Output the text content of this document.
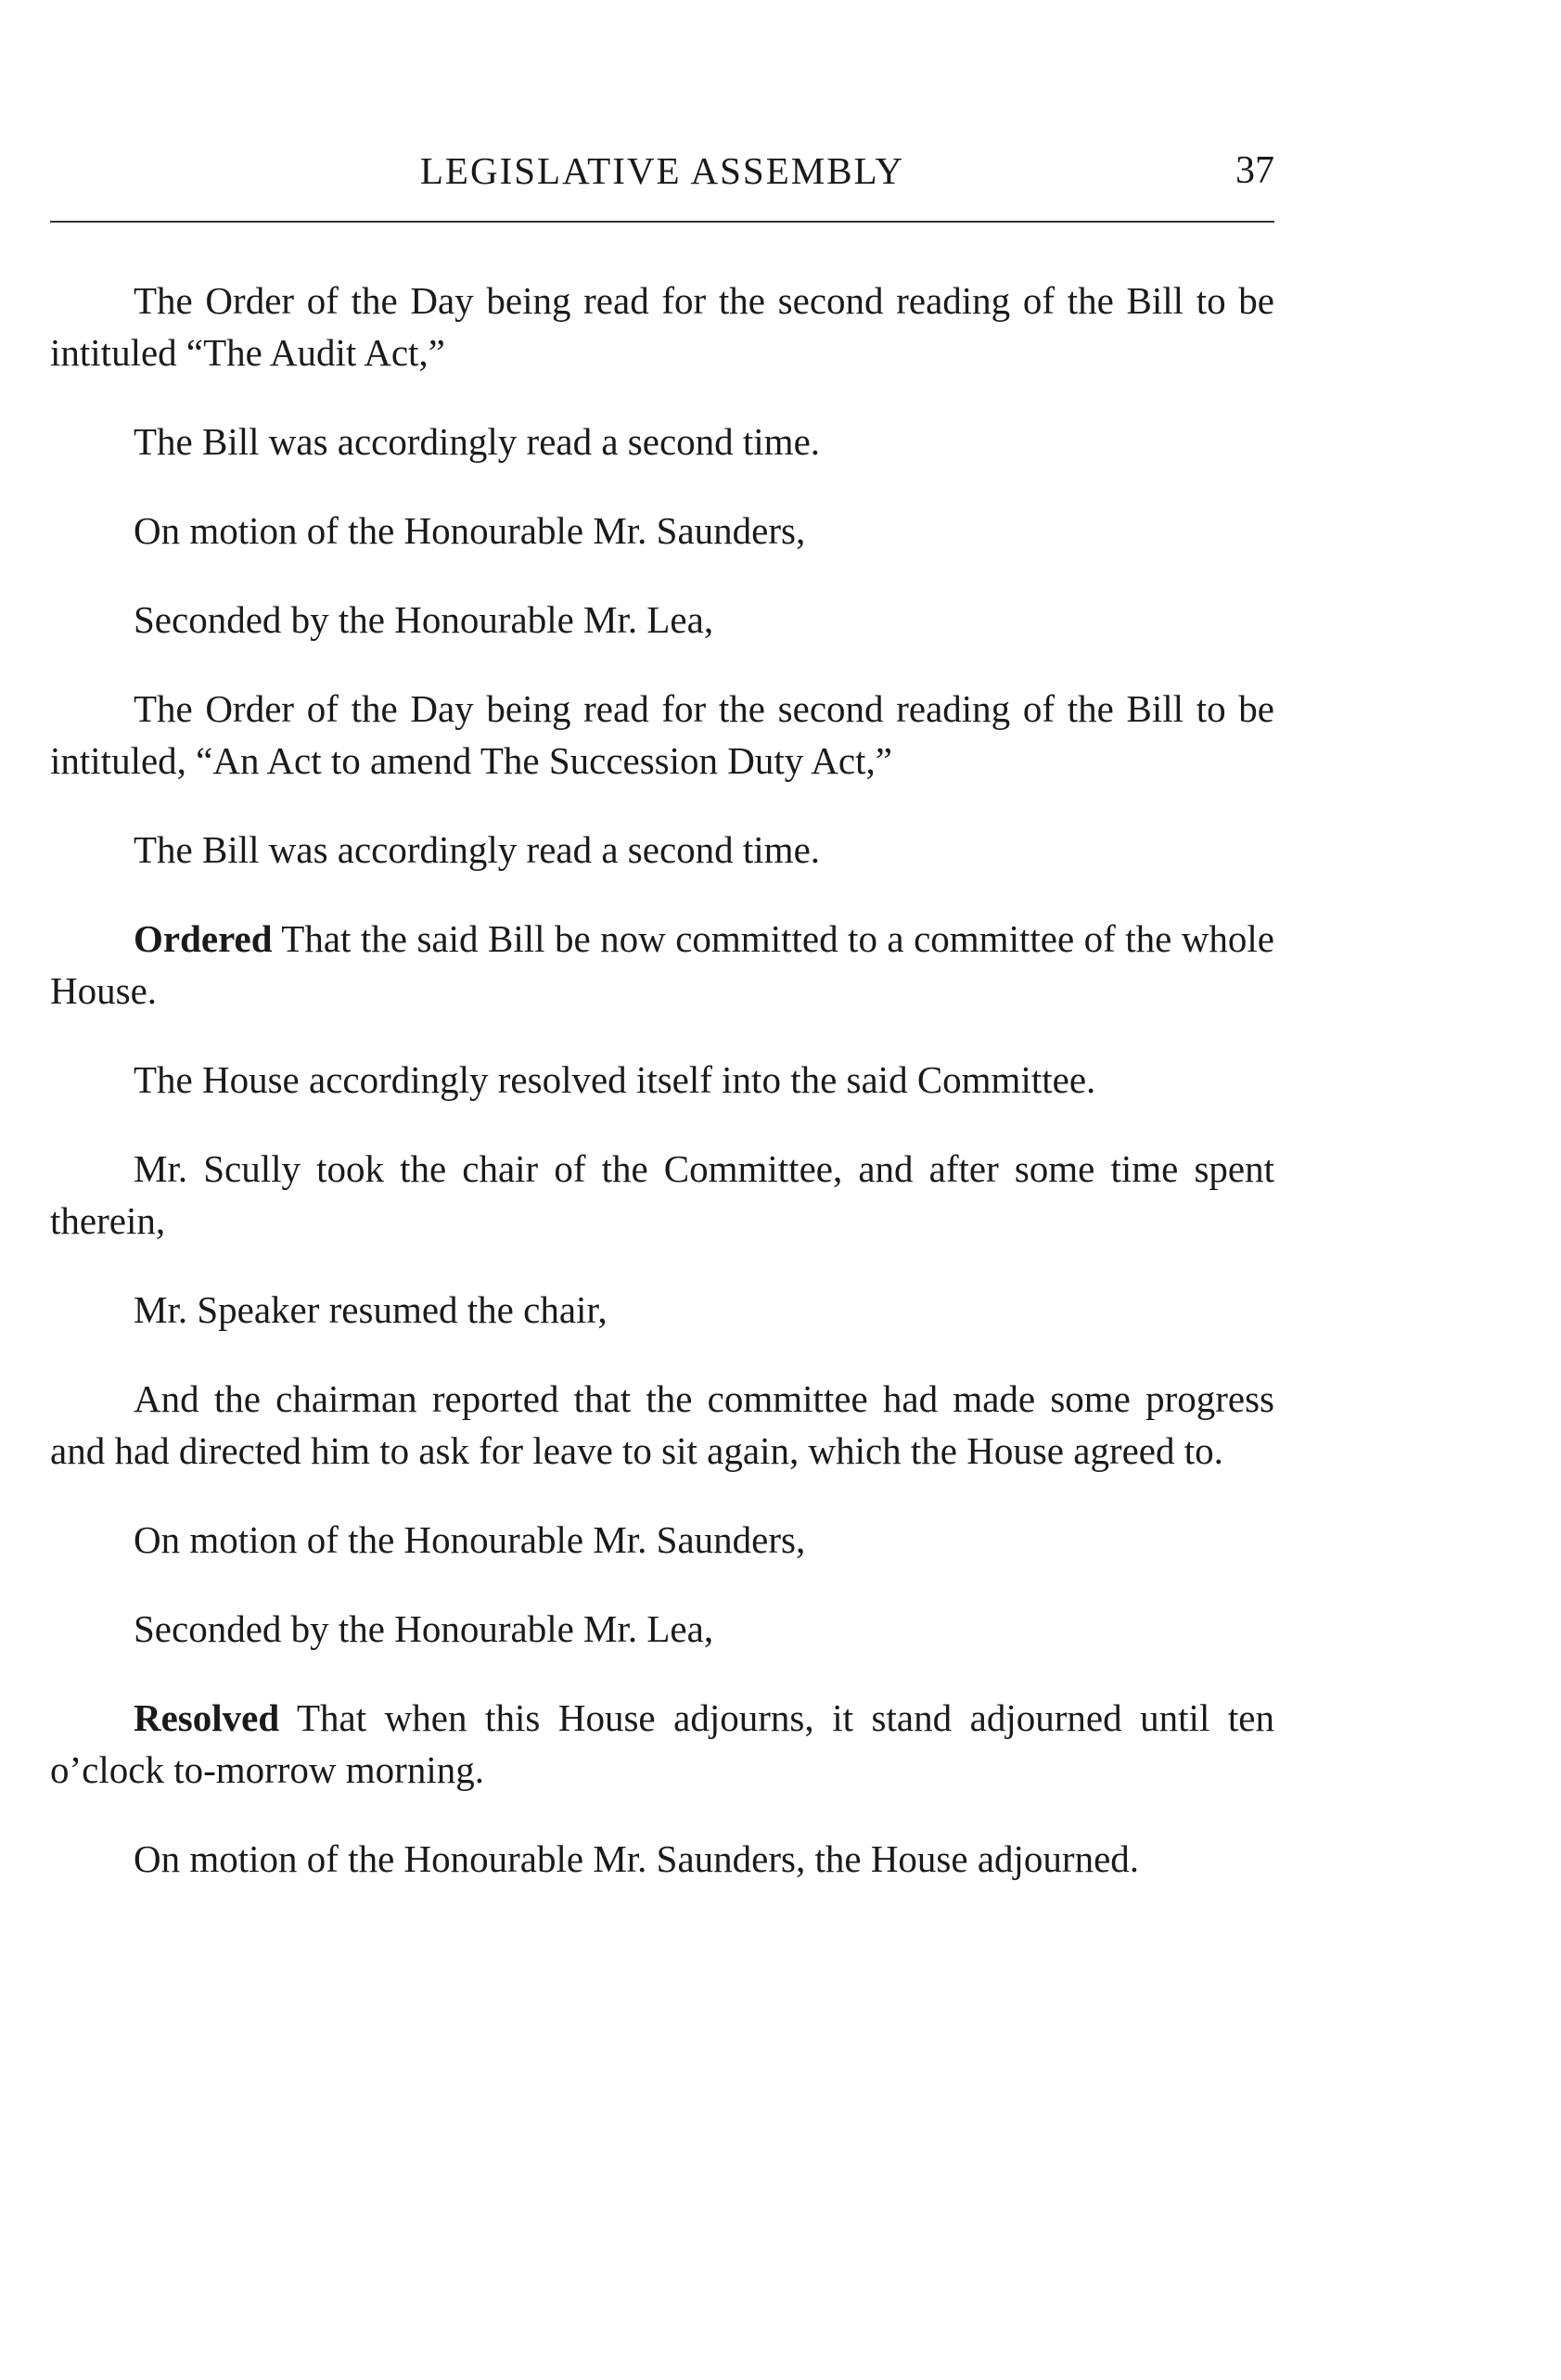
LEGISLATIVE ASSEMBLY	37

The Order of the Day being read for the second reading of the Bill to be intituled “The Audit Act,”

The Bill was accordingly read a second time.

On motion of the Honourable Mr. Saunders,

Seconded by the Honourable Mr. Lea,

The Order of the Day being read for the second reading of the Bill to be intituled, “An Act to amend The Succession Duty Act,”

The Bill was accordingly read a second time.

Ordered That the said Bill be now committed to a committee of the whole House.

The House accordingly resolved itself into the said Committee.

Mr. Scully took the chair of the Committee, and after some time spent therein,

Mr. Speaker resumed the chair,

And the chairman reported that the committee had made some progress and had directed him to ask for leave to sit again, which the House agreed to.

On motion of the Honourable Mr. Saunders,

Seconded by the Honourable Mr. Lea,

Resolved That when this House adjourns, it stand adjourned until ten o’clock to-morrow morning.

On motion of the Honourable Mr. Saunders, the House adjourned.
